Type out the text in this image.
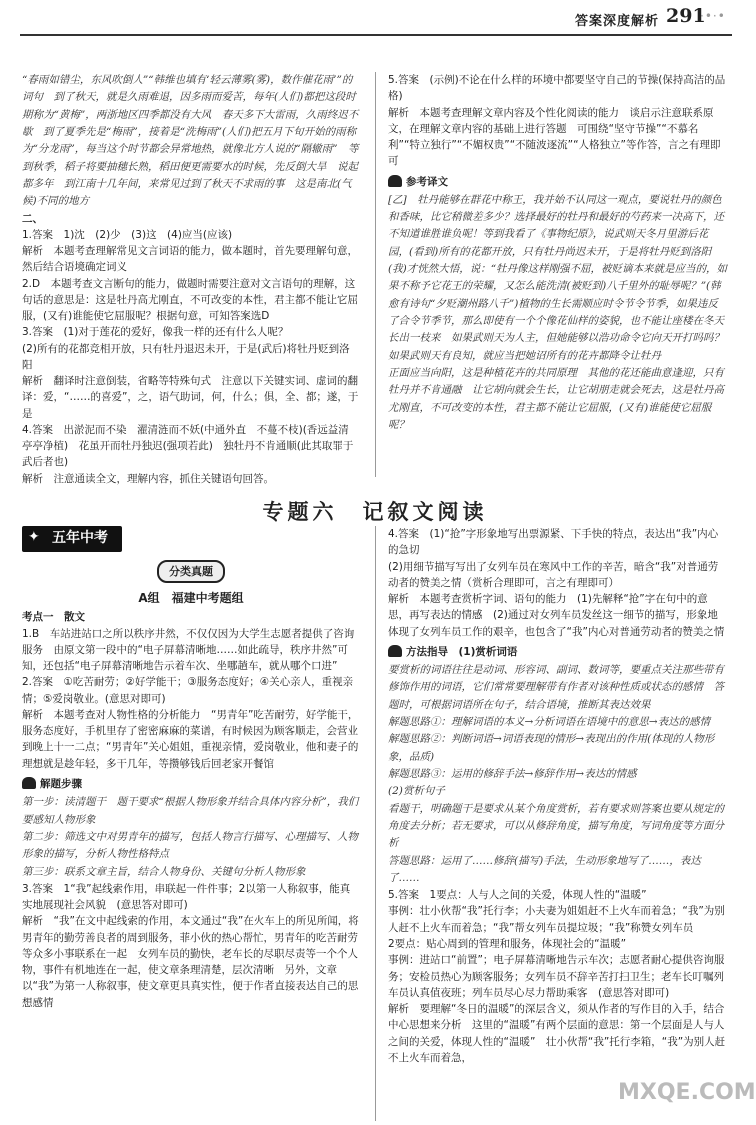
答案深度解析 291
·•·•

“春雨如错尘，东风吹倒人”“韩维也填有‘轻云薄雾(雾)，数作催花雨’”的词句　到了秋天，就是久雨难退，因多雨而爱苦，每年(人们)都把这段时期称为“黄梅”，两浙地区四季都没有大风　春天多下大雷雨，久雨终迟不歇　到了夏季先是“梅雨”，接着是“洗梅雨”(人们)把五月下旬开始的雨称为“分龙雨”，每当这个时节都会异常地热，就像北方人说的“隔辙雨”　等到秋季，稻子将要抽穗长熟，稻田便更需要水的时候，先反倒大旱　说起都多年　到江南十几年间，来常见过到了秋天不求雨的事　这是南北(气候)不同的地方

二、

1.答案　1)沈　(2)少　(3)这　(4)应当(应该)

解析　本题考查理解常见文言词语的能力，做本题时，首先要理解句意，然后结合语境确定词义

2.D　本题考查文言断句的能力，做题时需要注意对文言语句的理解，这句话的意思是：这是牡丹高尤刚直，不可改变的本性，君主都不能让它屈服，(又有)谁能使它屈服呢？根据句意，可知答案选D

3.答案　(1)对于莲花的爱好，像我一样的还有什么人呢？

(2)所有的花都竞相开放，只有牡丹退迟未开，于是(武后)将牡丹贬到洛阳

解析　翻译时注意倒装，省略等特殊句式　注意以下关键实词、虚词的翻译：爱，“……的喜爱”，之，语气助词，何，什么；俱，全、都；遂，于是

4.答案　出淤泥而不染　濯清涟而不妖(中通外直　不蔓不枝)(香远益清　亭亭净植)　花虽开而牡丹独迟(强项若此)　独牡丹不肯通顺(此其取罪于武后者也)

解析　注意通读全文，理解内容，抓住关键语句回答。

5.答案　(示例)不论在什么样的环境中都要坚守自己的节操(保持高洁的品格)

解析　本题考查理解文章内容及个性化阅读的能力　谈启示注意联系原文，在理解文章内容的基础上进行答题　可围绕“坚守节操”“不慕名利”“特立独行”“不媚权贵”“不随波逐流”“人格独立”等作答，言之有理即可

参考译文

[乙]　牡丹能够在群花中称王，我并始不认同这一观点，要说牡丹的颜色和香味，比它稍微差多少？选择最好的牡丹和最好的芍药来一决高下，还不知道谁胜谁负呢！等到我看了《事物纪原》，说武则天冬月里游后花园，(看到)所有的花都开放，只有牡丹尚迟未开，于是将牡丹贬到洛阳　(我)才恍然大悟，说：“牡丹像这样刚强不屈，被贬谪本来就是应当的，如果不称予它花王的荣耀，又怎么能洗清(被贬到)八千里外的耻辱呢？”(韩愈有诗句“夕贬潮州路八千”)植物的生长需顺应时令节令节季，如果违反了合令节季节，那么即使有一个个像花仙样的姿貌，也不能让座楼在冬天长出一枝来　如果武则天为人主，但她能够以浩功命令它向天开打吗吗？如果武则天有良知，就应当把她诏所有的花卉都降令让牡丹

正面应当向阳，这是种植花卉的共同原理　其他的花还能曲意逢迎，只有牡丹并不肯通融　让它胡向就会生长，让它胡朋走就会死去，这是牡丹高尤刚直，不可改变的本性，君主都不能让它屈服，(又有)谁能使它屈服呢？

专题六　记叙文阅读
✦ 五年中考
分类真题
A组　福建中考题组

考点一　散文

1.B　车站进站口之所以秩序井然，不仅仅因为大学生志愿者提供了咨询服务　由原文第一段中的“电子屏幕清晰地……如此疏导，秩序井然”可知，还包括“电子屏幕清晰地告示着车次、坐哪趟车，就从哪个口进”

2.答案　①吃苦耐劳；②好学能干；③服务态度好；④关心亲人，重视亲情；⑤爱岗敬业。(意思对即可)

解析　本题考查对人物性格的分析能力　“男青年”吃苦耐劳，好学能干，服务态度好，手机里存了密密麻麻的菜谱，有时候因为顾客顺走，会营业到晚上十一二点；“男青年”关心姐姐，重视亲情，爱岗敬业，他和妻子的理想就是趁年轻，多干几年，等攒够钱后回老家开餐馆

解题步骤

第一步：读清题干　题干要求“根据人物形象并结合具体内容分析”，我们要感知人物形象

第二步：筛选文中对男青年的描写，包括人物言行描写、心理描写、人物形象的描写，分析人物性格特点

第三步：联系文章主旨，结合人物身份、关键句分析人物形象

3.答案　1“我”起线索作用，串联起一件件事；2以第一人称叙事，能真实地展现社会风貌　(意思答对即可)

解析　“我”在文中起线索的作用，本文通过“我”在火车上的所见所闻，将男青年的勤劳善良者的周到服务，菲小伙的热心帮忙，男青年的吃苦耐劳等众多小事联系在一起　女列车员的勤快，老车长的尽职尽责等一个个人物，事件有机地连在一起，使文章条理清楚，层次清晰　另外，文章以“我”为第一人称叙事，使文章更具真实性，便于作者直接表达自己的思想感情

4.答案　(1)“抢”字形象地写出票源紧、下手快的特点，表达出“我”内心的急切

(2)用细节描写写出了女列车员在寒风中工作的辛苦，暗含“我”对普通劳动者的赞美之情（赏析合理即可，言之有理即可）

解析　本题考查赏析字词、语句的能力　(1)先解释“抢”字在句中的意思，再写表达的情感　(2)通过对女列车员发丝这一细节的描写，形象地体现了女列车员工作的艰辛，也包含了“我”内心对普通劳动者的赞美之情

方法指导　(1)赏析词语

要赏析的词语往往是动词、形容词、副词、数词等，要重点关注那些带有修饰作用的词语，它们常常要理解带有作者对该种性质或状态的感情　答题时，可根据词语所在句子，结合语境，推断其表达效果

解题思路①：理解词语的本义→分析词语在语境中的意思→表达的感情

解题思路②：判断词语→词语表现的情形→表现出的作用(体现的人物形象，品质)

解题思路③：运用的修辞手法→修辞作用→表达的情感

(2)赏析句子

看题干，明确题干是要求从某个角度赏析，若有要求则答案也要从规定的角度去分析；若无要求，可以从修辞角度，描写角度，写词角度等方面分析

答题思路：运用了……修辞(描写)手法，生动形象地写了……，表达了……

5.答案　1要点：人与人之间的关爱，体现人性的“温暖”

事例：壮小伙帮“我”托行李；小夫妻为姐姐赶不上火车而着急；“我”为别人赶不上火车而着急；“我”帮女列车员提垃圾；“我”称赞女列车员

2要点：贴心周到的管理和服务，体现社会的“温暖”

事例：进站口“前置”；电子屏幕清晰地告示车次；志愿者耐心提供咨询服务；安检员热心为顾客服务；女列车员不辞辛苦打扫卫生；老车长叮嘱列车员认真值夜班；列车员尽心尽力帮助乘客　(意思答对即可)

解析　要理解“冬日的温暖”的深层含义，须从作者的写作目的入手，结合中心思想来分析　这里的“温暖”有两个层面的意思：第一个层面是人与人之间的关爱，体现人性的“温暖”　壮小伙帮“我”托行李箱，“我”为别人赶不上火车而着急，

MXQE.COM
